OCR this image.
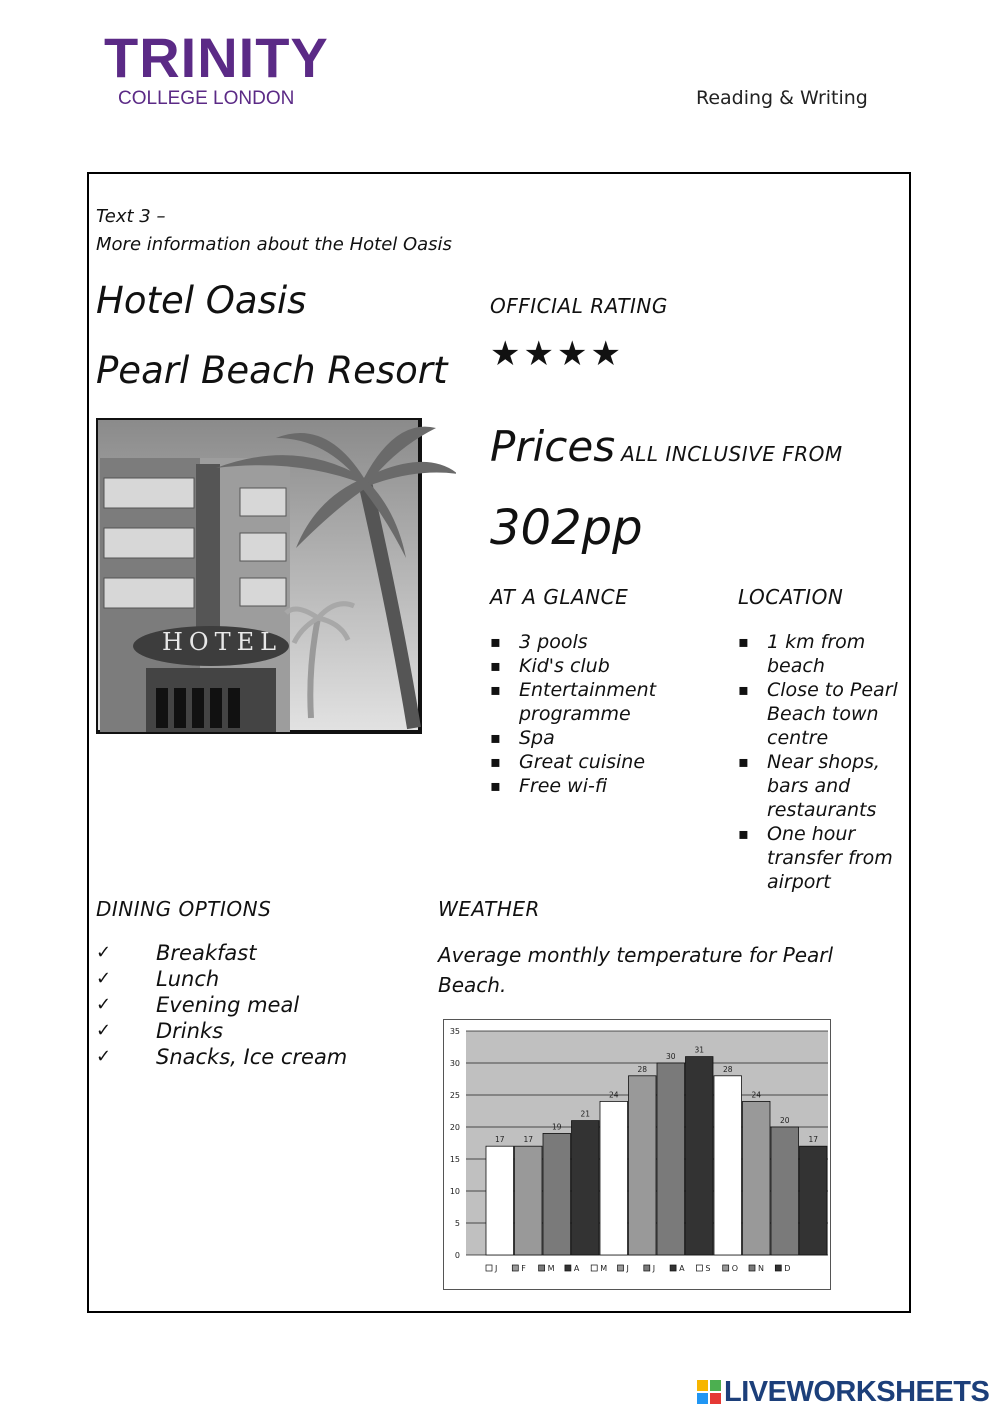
TRINITY
COLLEGE LONDON	Reading & Writing
Text 3 –
More information about the Hotel Oasis
Hotel Oasis
Pearl Beach Resort
HOTEL
OFFICIAL RATING
★★★★
Prices ALL INCLUSIVE FROM
302pp
AT A GLANCE
▪ 3 pools
▪ Kid's club
▪ Entertainment programme
▪ Spa
▪ Great cuisine
▪ Free wi-fi
LOCATION
▪ 1 km from beach
▪ Close to Pearl Beach town centre
▪ Near shops, bars and restaurants
▪ One hour transfer from airport
DINING OPTIONS
✓ Breakfast
✓ Lunch
✓ Evening meal
✓ Drinks
✓ Snacks, Ice cream
WEATHER
Average monthly temperature for Pearl Beach.
0
5
10
15
20
25
30
35
17	17
19
21
24
28
30
31
28
24
20
17
J	F	M A	M J	J	A	S	O	N	D
LIVEWORKSHEETS
